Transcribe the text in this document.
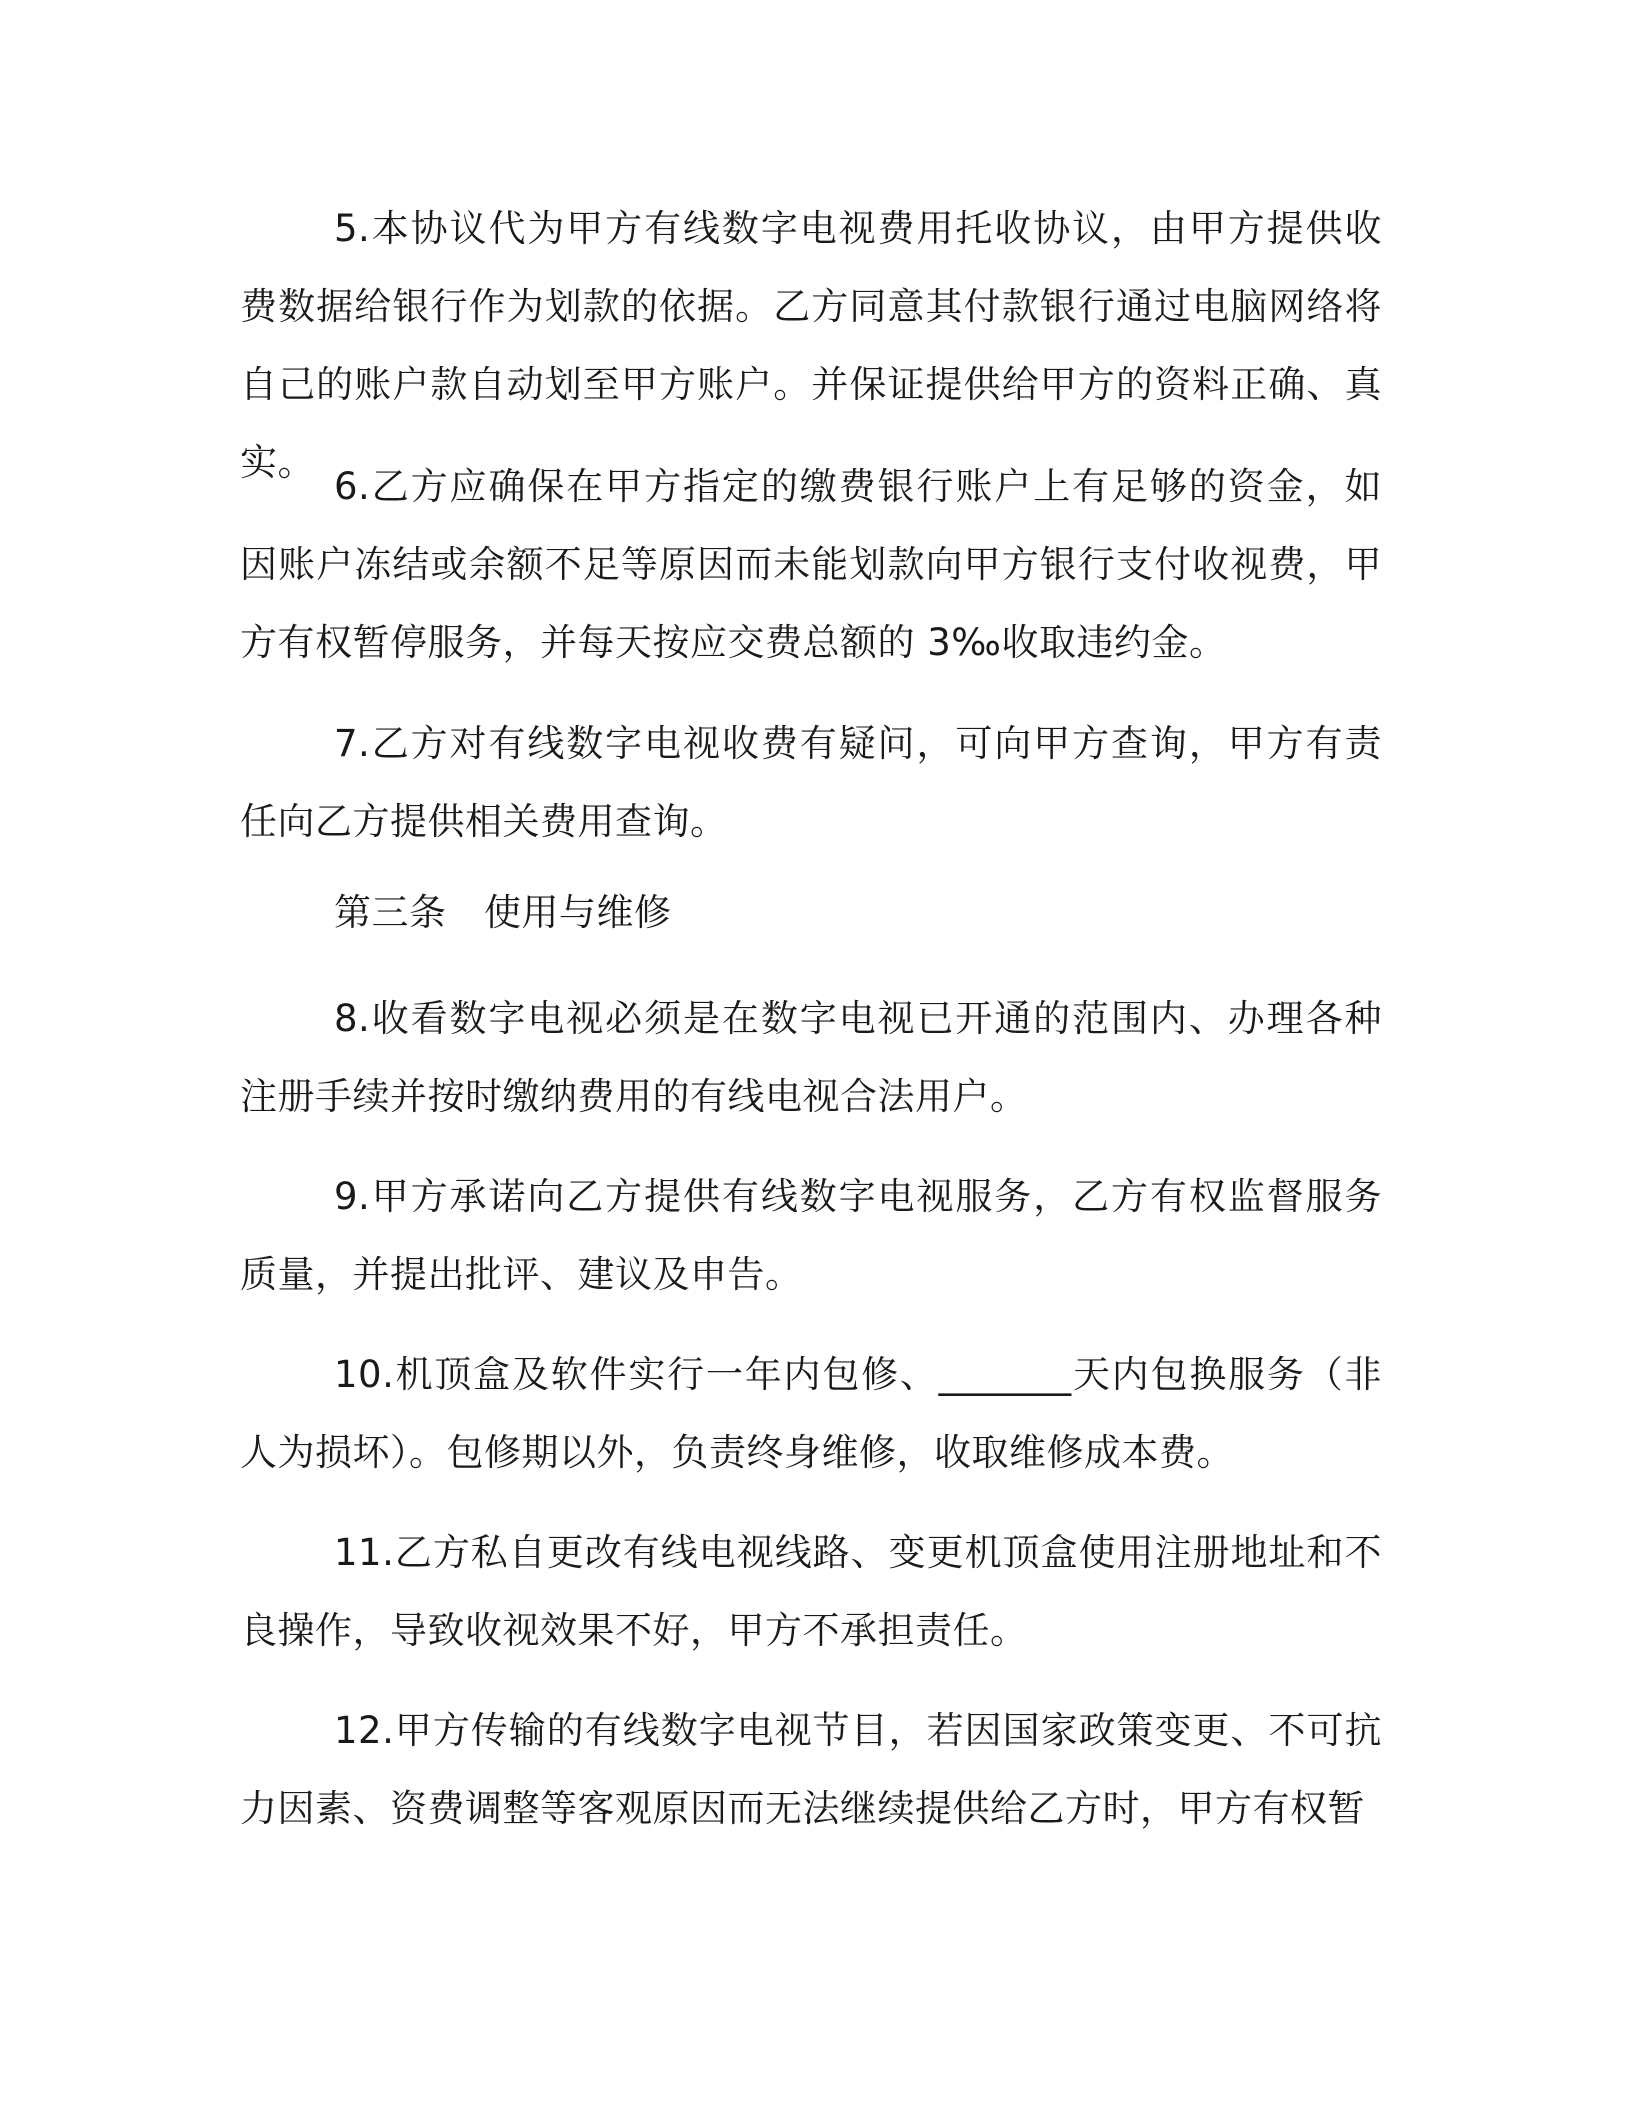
5.本协议代为甲方有线数字电视费用托收协议，由甲方提供收费数据给银行作为划款的依据。乙方同意其付款银行通过电脑网络将自己的账户款自动划至甲方账户。并保证提供给甲方的资料正确、真实。

6.乙方应确保在甲方指定的缴费银行账户上有足够的资金，如因账户冻结或余额不足等原因而未能划款向甲方银行支付收视费，甲方有权暂停服务，并每天按应交费总额的 3‰收取违约金。

7.乙方对有线数字电视收费有疑问，可向甲方查询，甲方有责任向乙方提供相关费用查询。

第三条　使用与维修

8.收看数字电视必须是在数字电视已开通的范围内、办理各种注册手续并按时缴纳费用的有线电视合法用户。

9.甲方承诺向乙方提供有线数字电视服务，乙方有权监督服务质量，并提出批评、建议及申告。

10.机顶盒及软件实行一年内包修、_______天内包换服务（非人为损坏）。包修期以外，负责终身维修，收取维修成本费。

11.乙方私自更改有线电视线路、变更机顶盒使用注册地址和不良操作，导致收视效果不好，甲方不承担责任。

12.甲方传输的有线数字电视节目，若因国家政策变更、不可抗力因素、资费调整等客观原因而无法继续提供给乙方时，甲方有权暂
